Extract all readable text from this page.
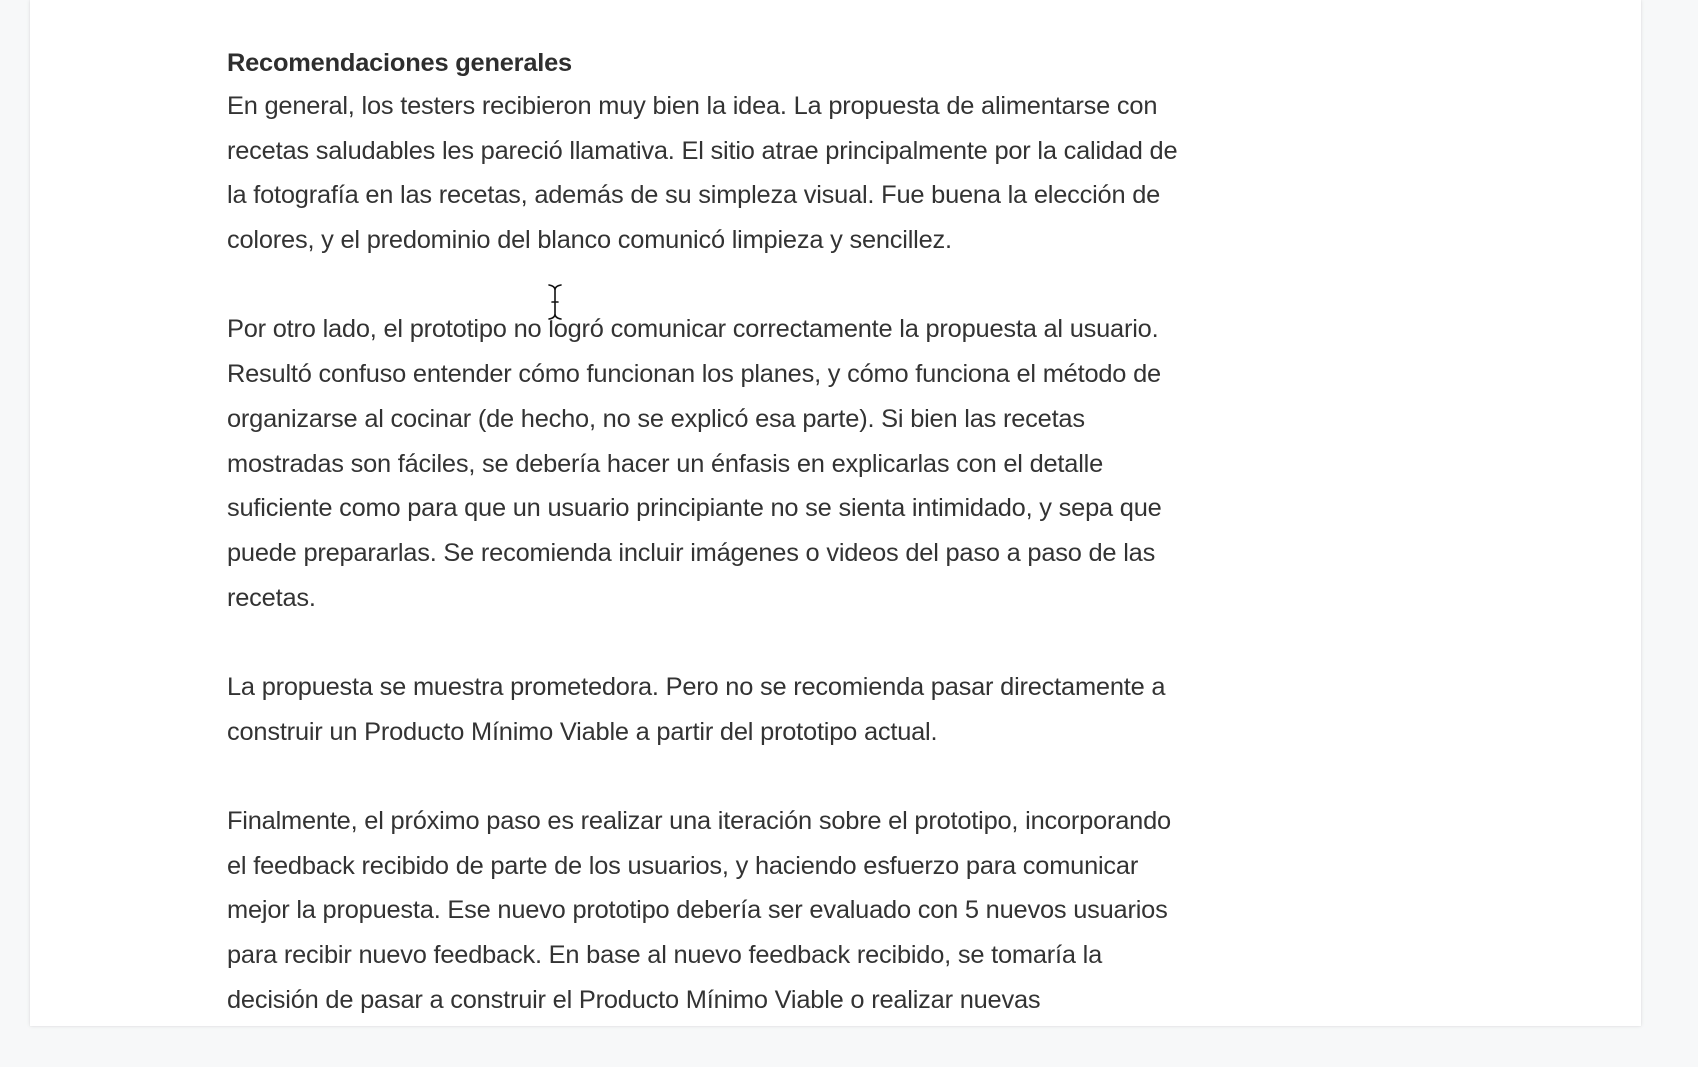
Recomendaciones generales
En general, los testers recibieron muy bien la idea. La propuesta de alimentarse con
recetas saludables les pareció llamativa. El sitio atrae principalmente por la calidad de
la fotografía en las recetas, además de su simpleza visual. Fue buena la elección de
colores, y el predominio del blanco comunicó limpieza y sencillez.
Por otro lado, el prototipo no logró comunicar correctamente la propuesta al usuario.
Resultó confuso entender cómo funcionan los planes, y cómo funciona el método de
organizarse al cocinar (de hecho, no se explicó esa parte). Si bien las recetas
mostradas son fáciles, se debería hacer un énfasis en explicarlas con el detalle
suficiente como para que un usuario principiante no se sienta intimidado, y sepa que
puede prepararlas. Se recomienda incluir imágenes o videos del paso a paso de las
recetas.
La propuesta se muestra prometedora. Pero no se recomienda pasar directamente a
construir un Producto Mínimo Viable a partir del prototipo actual.
Finalmente, el próximo paso es realizar una iteración sobre el prototipo, incorporando
el feedback recibido de parte de los usuarios, y haciendo esfuerzo para comunicar
mejor la propuesta. Ese nuevo prototipo debería ser evaluado con 5 nuevos usuarios
para recibir nuevo feedback. En base al nuevo feedback recibido, se tomaría la
decisión de pasar a construir el Producto Mínimo Viable o realizar nuevas
